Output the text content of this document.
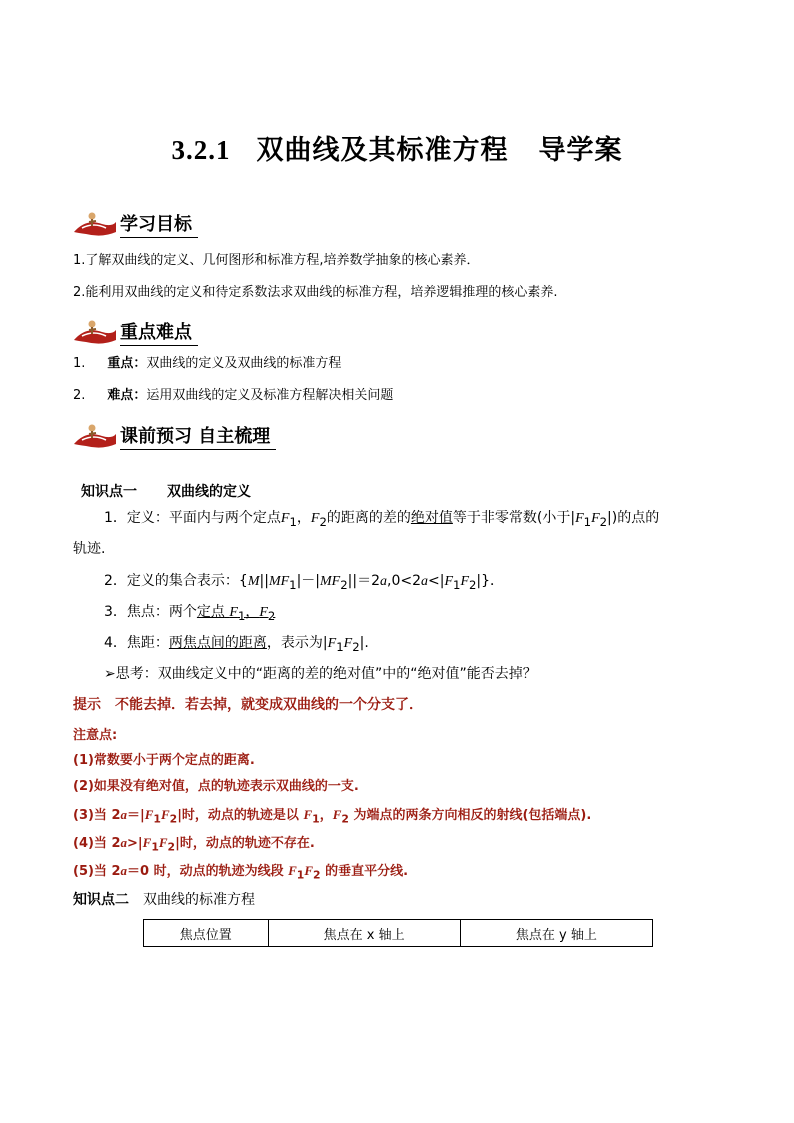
3.2.1 双曲线及其标准方程 导学案
学习目标
1.了解双曲线的定义、几何图形和标准方程,培养数学抽象的核心素养．
2.能利用双曲线的定义和待定系数法求双曲线的标准方程，培养逻辑推理的核心素养.
重点难点
1. 重点：双曲线的定义及双曲线的标准方程
2. 难点：运用双曲线的定义及标准方程解决相关问题
课前预习 自主梳理
知识点一 双曲线的定义
1．定义：平面内与两个定点$F_1$，$F_2$的距离的差的绝对值等于非零常数(小于$|F_1F_2|$)的点的
轨迹.
2．定义的集合表示：$\{M||MF_1|-|MF_2||=2a,0<2a<|F_1F_2|\}$．
3．焦点：两个定点 $F_1$，$F_2$
4．焦距：两焦点间的距离，表示为$|F_1F_2|$.
➢思考：双曲线定义中的“距离的差的绝对值”中的“绝对值”能否去掉？
提示　不能去掉．若去掉，就变成双曲线的一个分支了．
注意点:
(1)常数要小于两个定点的距离.
(2)如果没有绝对值，点的轨迹表示双曲线的一支.
(3)当 $2a=|F_1F_2|$时，动点的轨迹是以 $F_1$，$F_2$ 为端点的两条方向相反的射线(包括端点).
(4)当 $2a>|F_1F_2|$时，动点的轨迹不存在.
(5)当 2a＝0 时，动点的轨迹为线段 $F_1F_2$ 的垂直平分线.
知识点二 双曲线的标准方程
焦点位置	焦点在 x 轴上	焦点在 y 轴上
